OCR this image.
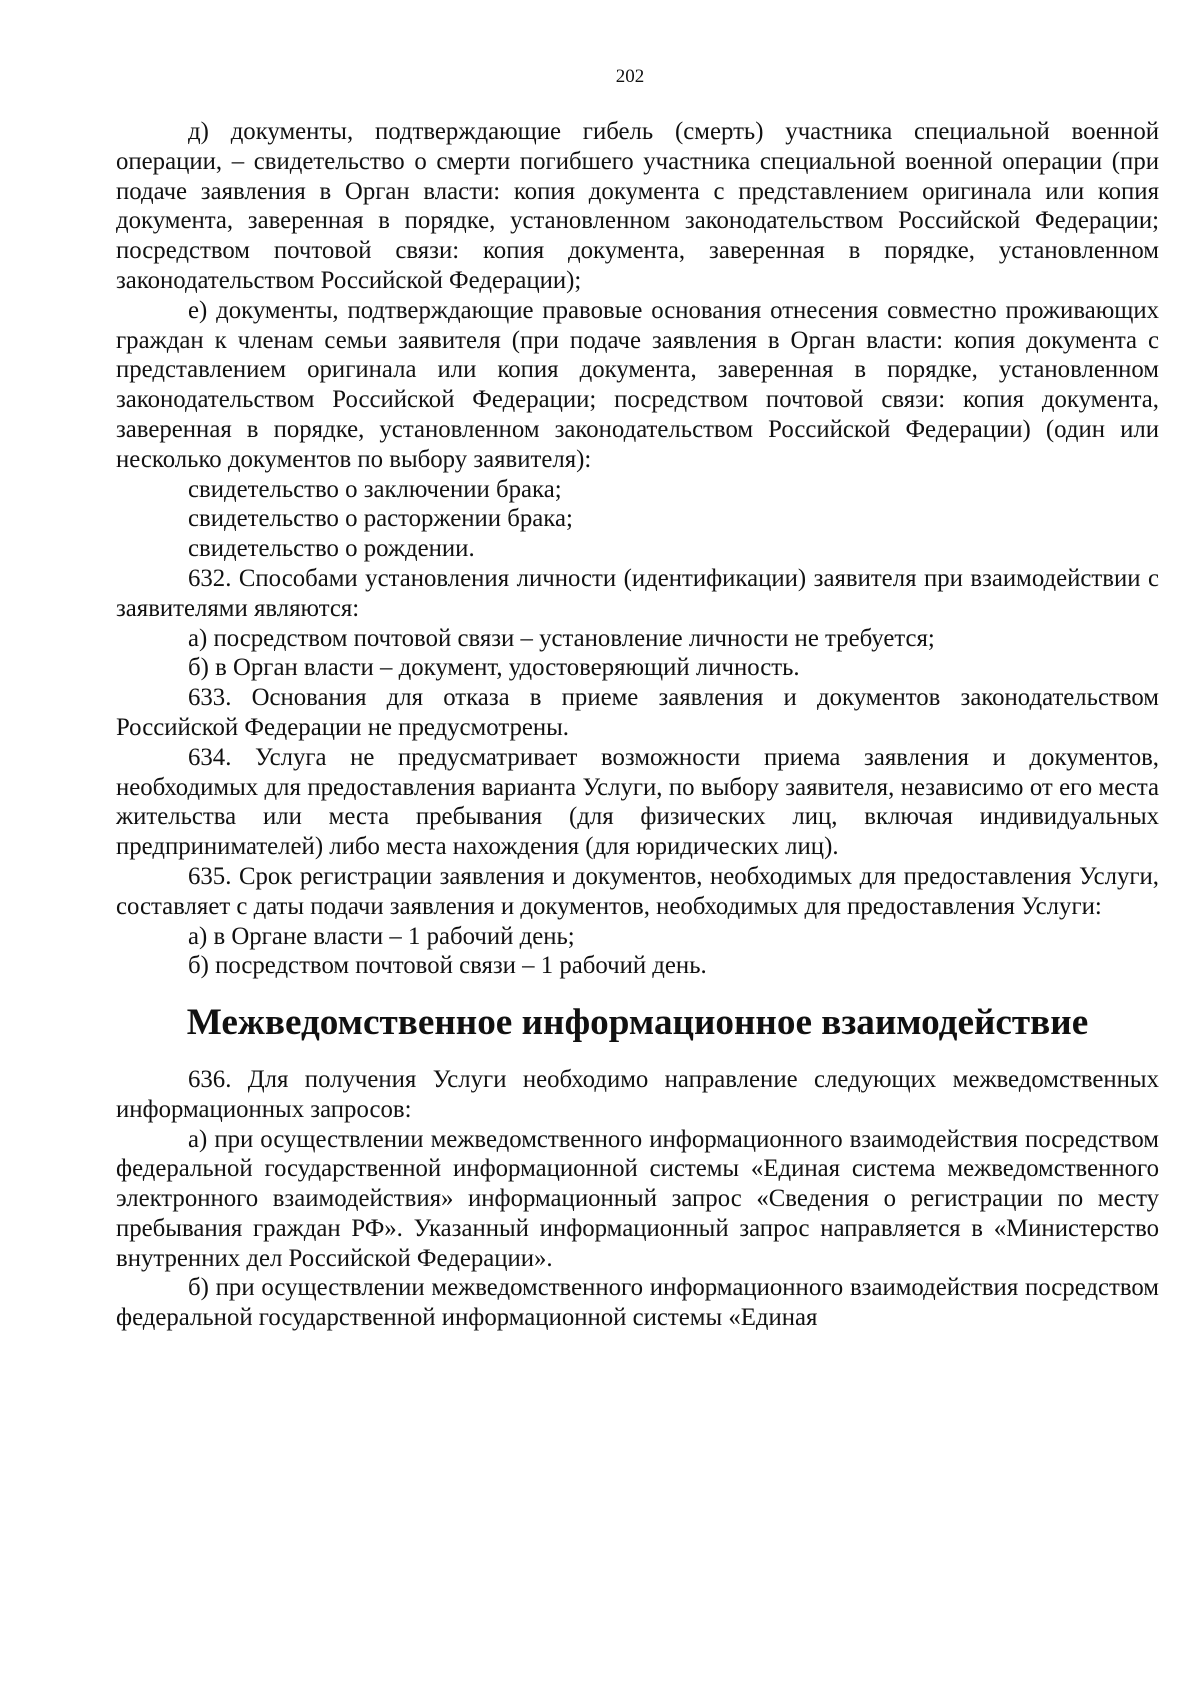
202

д) документы, подтверждающие гибель (смерть) участника специальной военной операции, – свидетельство о смерти погибшего участника специальной военной операции (при подаче заявления в Орган власти: копия документа с представлением оригинала или копия документа, заверенная в порядке, установленном законодательством Российской Федерации; посредством почтовой связи: копия документа, заверенная в порядке, установленном законодательством Российской Федерации);

е) документы, подтверждающие правовые основания отнесения совместно проживающих граждан к членам семьи заявителя (при подаче заявления в Орган власти: копия документа с представлением оригинала или копия документа, заверенная в порядке, установленном законодательством Российской Федерации; посредством почтовой связи: копия документа, заверенная в порядке, установленном законодательством Российской Федерации) (один или несколько документов по выбору заявителя):

свидетельство о заключении брака;

свидетельство о расторжении брака;

свидетельство о рождении.

632. Способами установления личности (идентификации) заявителя при взаимодействии с заявителями являются:

а) посредством почтовой связи – установление личности не требуется;

б) в Орган власти – документ, удостоверяющий личность.

633. Основания для отказа в приеме заявления и документов законодательством Российской Федерации не предусмотрены.

634. Услуга не предусматривает возможности приема заявления и документов, необходимых для предоставления варианта Услуги, по выбору заявителя, независимо от его места жительства или места пребывания (для физических лиц, включая индивидуальных предпринимателей) либо места нахождения (для юридических лиц).

635. Срок регистрации заявления и документов, необходимых для предоставления Услуги, составляет с даты подачи заявления и документов, необходимых для предоставления Услуги:

а) в Органе власти – 1 рабочий день;

б) посредством почтовой связи – 1 рабочий день.

Межведомственное информационное взаимодействие

636. Для получения Услуги необходимо направление следующих межведомственных информационных запросов:

а) при осуществлении межведомственного информационного взаимодействия посредством федеральной государственной информационной системы «Единая система межведомственного электронного взаимодействия» информационный запрос «Сведения о регистрации по месту пребывания граждан РФ». Указанный информационный запрос направляется в «Министерство внутренних дел Российской Федерации».

б) при осуществлении межведомственного информационного взаимодействия посредством федеральной государственной информационной системы «Единая
